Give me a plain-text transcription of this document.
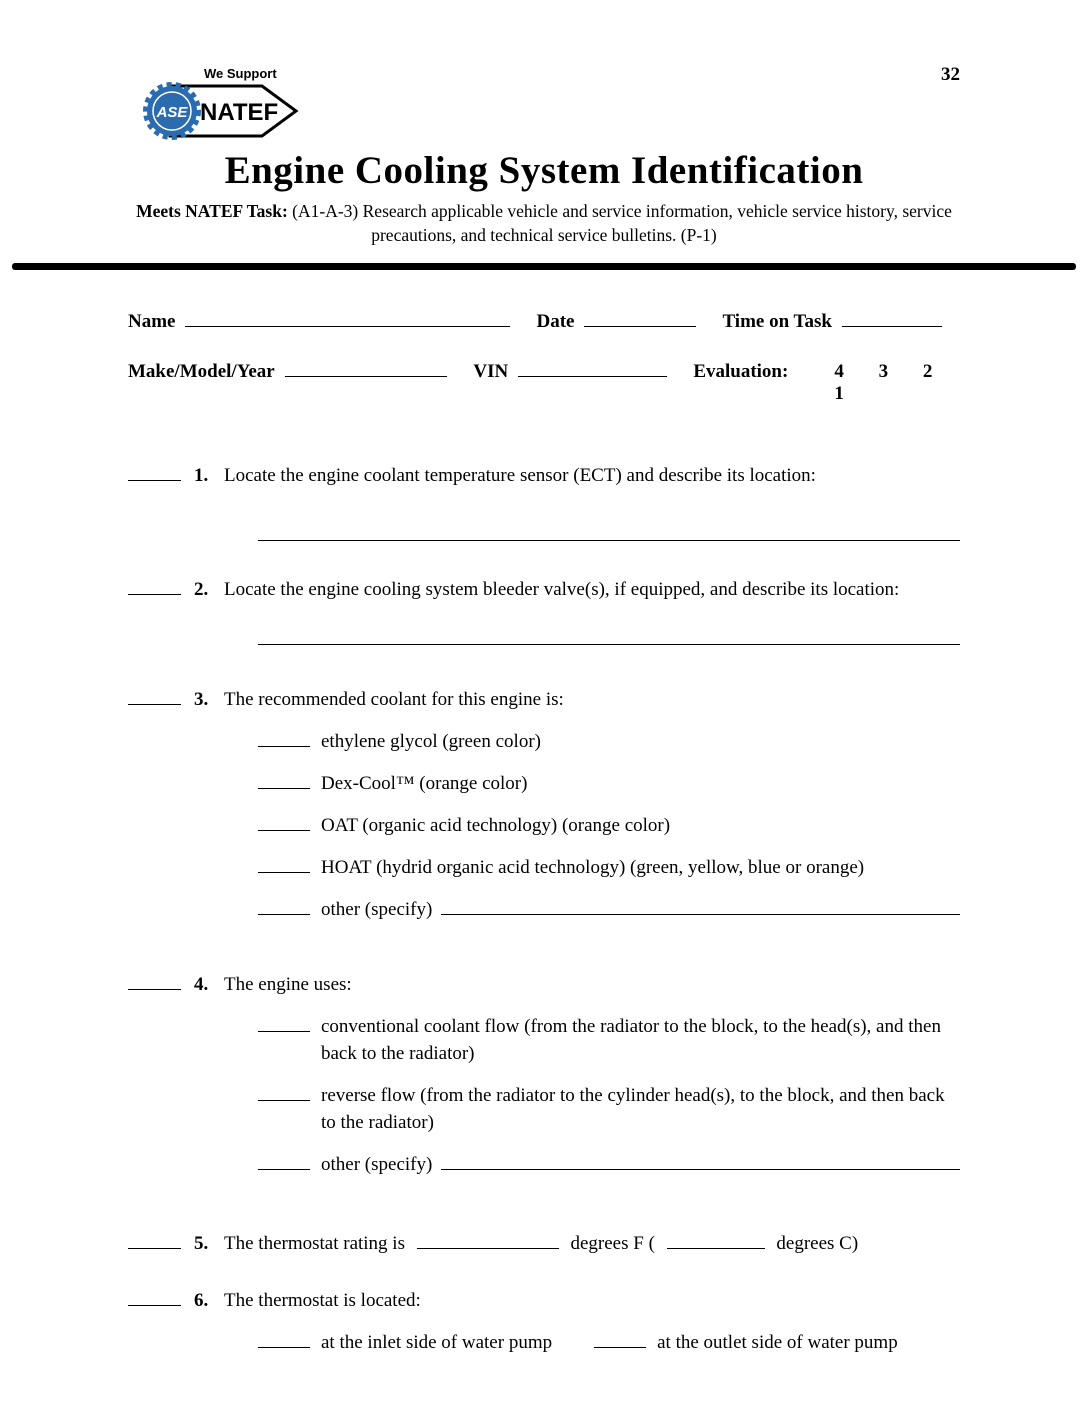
32
We Support
NATEF
ASE
Engine Cooling System Identification

Meets NATEF Task: (A1-A-3) Research applicable vehicle and service information, vehicle service history, service precautions, and technical service bulletins. (P-1)

Name	Date	Time on Task
Make/Model/Year	VIN	Evaluation:	4 3 2 1
1. Locate the engine coolant temperature sensor (ECT) and describe its location:
2. Locate the engine cooling system bleeder valve(s), if equipped, and describe its location:
3. The recommended coolant for this engine is:
ethylene glycol (green color)
Dex-Cool™ (orange color)
OAT (organic acid technology) (orange color)
HOAT (hydrid organic acid technology) (green, yellow, blue or orange)
other (specify)
4. The engine uses:
conventional coolant flow (from the radiator to the block, to the head(s), and then back to the radiator)
reverse flow (from the radiator to the cylinder head(s), to the block, and then back to the radiator)
other (specify)
5. The thermostat rating is	degrees F (	degrees C)
6. The thermostat is located:
at the inlet side of water pump	at the outlet side of water pump
